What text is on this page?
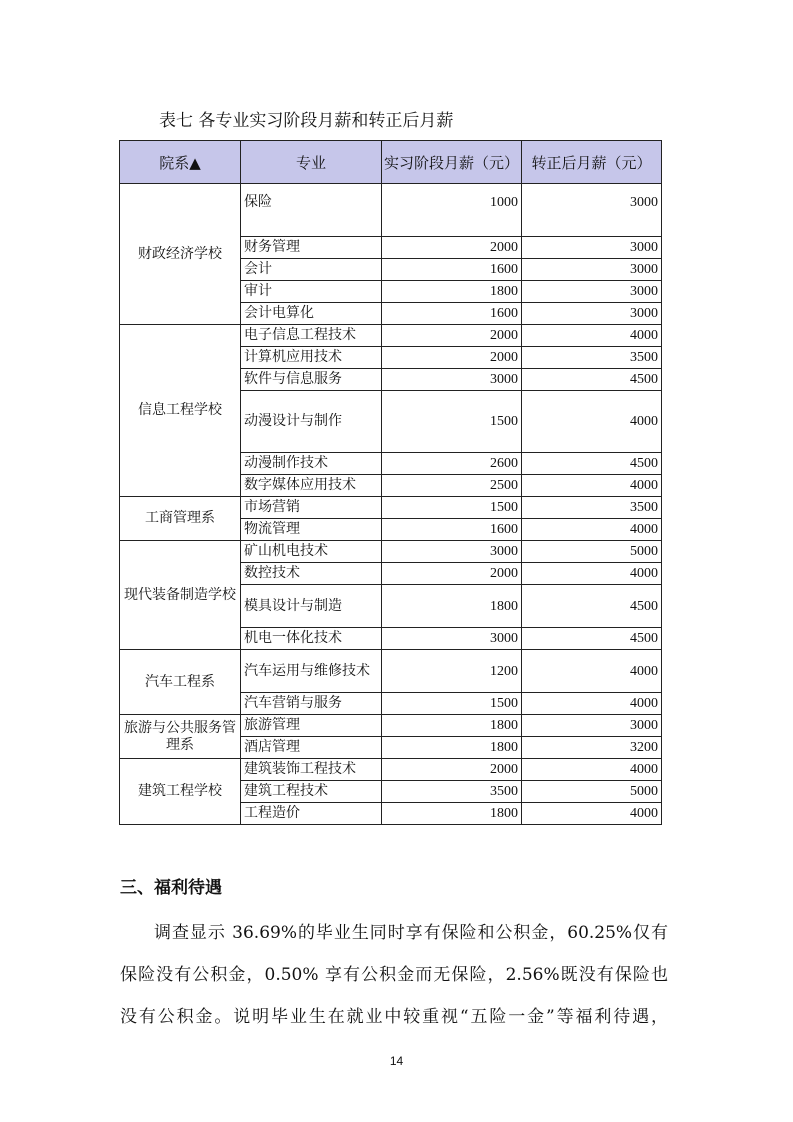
表七 各专业实习阶段月薪和转正后月薪
院系▲	专业	实习阶段月薪（元）	转正后月薪（元）
财政经济学校	保险	1000	3000
	财务管理	2000	3000
	会计	1600	3000
	审计	1800	3000
	会计电算化	1600	3000
信息工程学校	电子信息工程技术	2000	4000
	计算机应用技术	2000	3500
	软件与信息服务	3000	4500
	动漫设计与制作	1500	4000
	动漫制作技术	2600	4500
	数字媒体应用技术	2500	4000
工商管理系	市场营销	1500	3500
	物流管理	1600	4000
现代装备制造学校	矿山机电技术	3000	5000
	数控技术	2000	4000
	模具设计与制造	1800	4500
	机电一体化技术	3000	4500
汽车工程系	汽车运用与维修技术	1200	4000
	汽车营销与服务	1500	4000
旅游与公共服务管理系	旅游管理	1800	3000
	酒店管理	1800	3200
建筑工程学校	建筑装饰工程技术	2000	4000
	建筑工程技术	3500	5000
	工程造价	1800	4000
三、福利待遇

调查显示 36.69%的毕业生同时享有保险和公积金，60.25%仅有

保险没有公积金，0.50% 享有公积金而无保险，2.56%既没有保险也
没有公积金。说明毕业生在就业中较重视“五险一金”等福利待遇，
14
